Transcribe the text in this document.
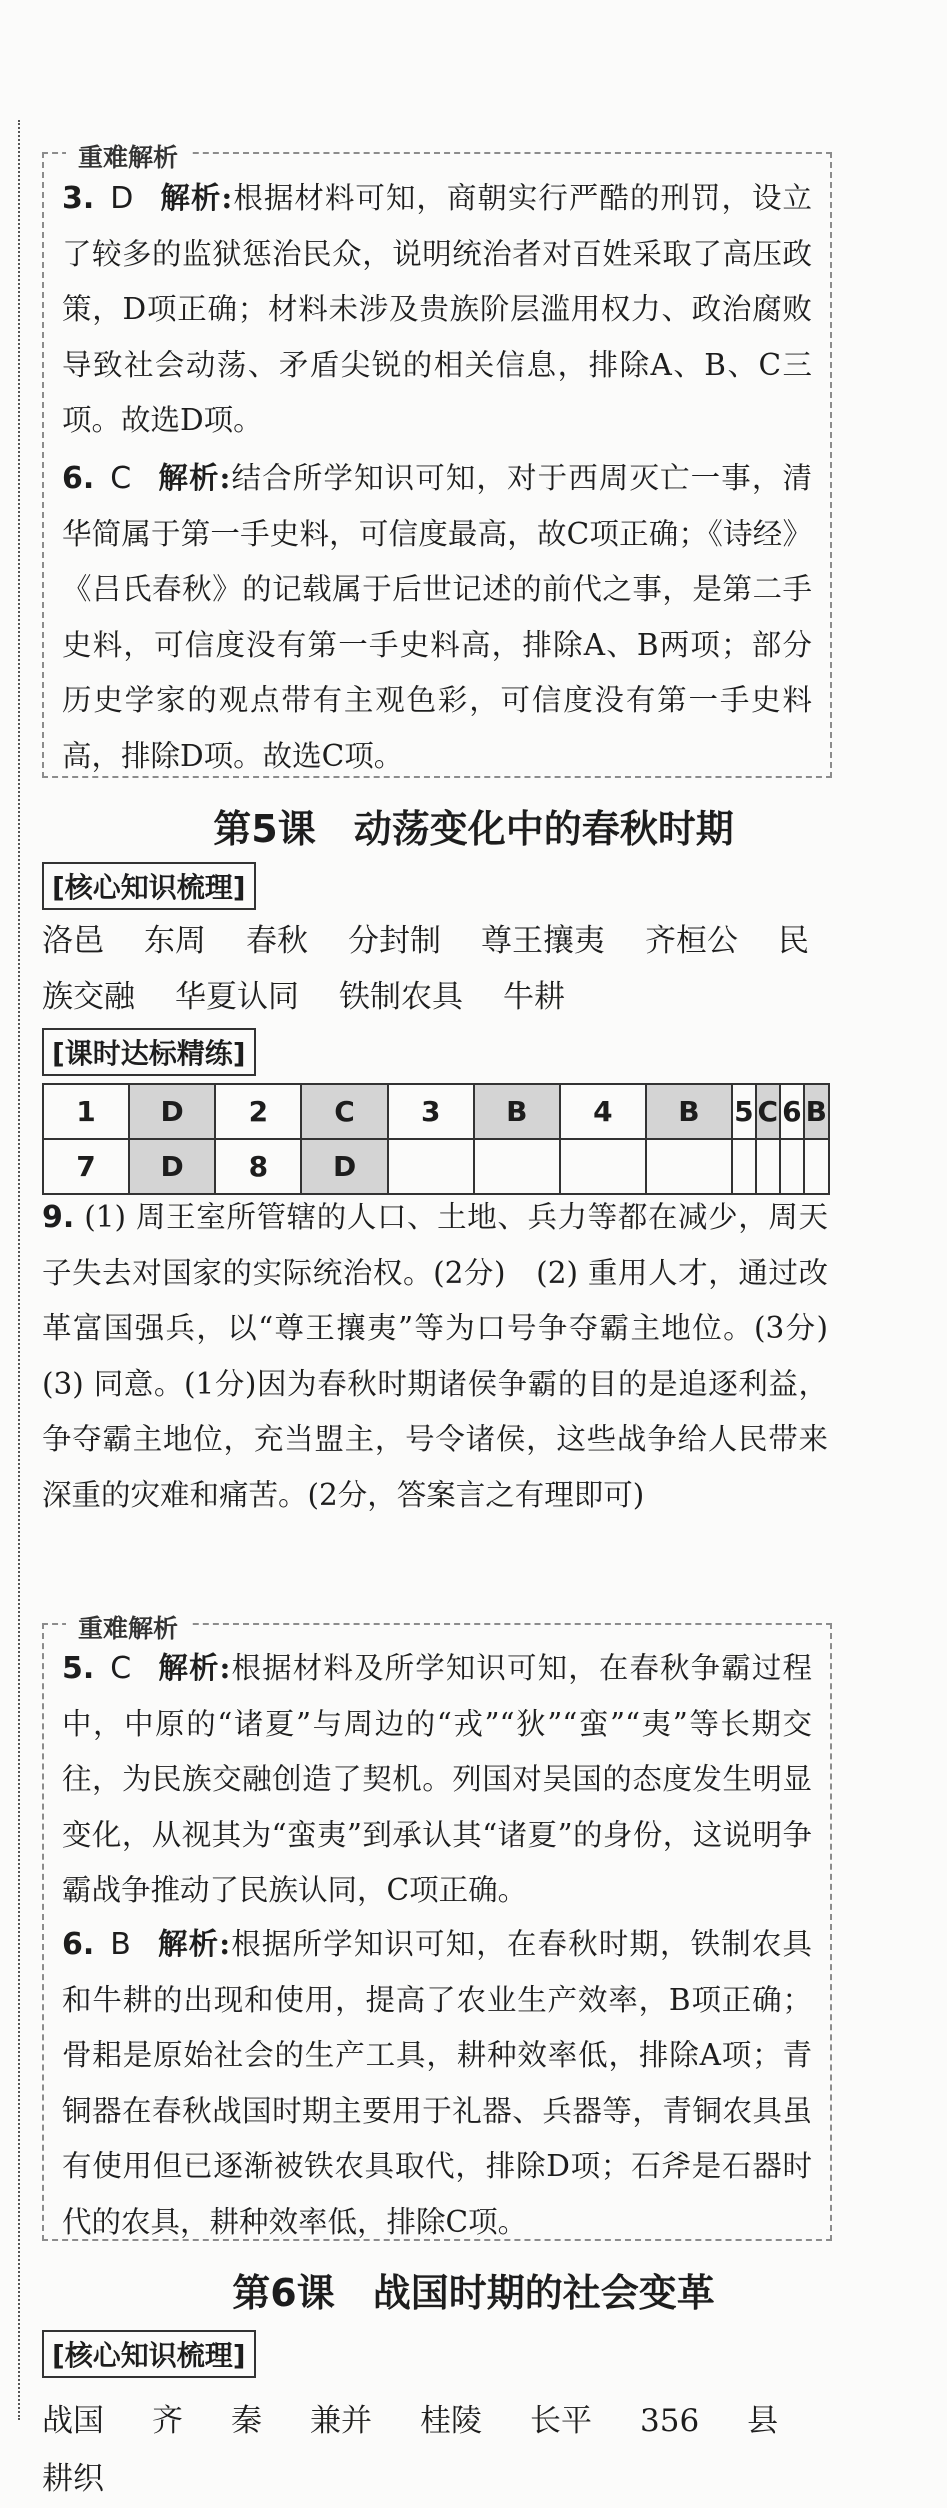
重难解析
3. D 解析:根据材料可知，商朝实行严酷的刑罚，设立了较多的监狱惩治民众，说明统治者对百姓采取了高压政策，D项正确；材料未涉及贵族阶层滥用权力、政治腐败导致社会动荡、矛盾尖锐的相关信息，排除A、B、C三项。故选D项。
6. C 解析:结合所学知识可知，对于西周灭亡一事，清华简属于第一手史料，可信度最高，故C项正确；《诗经》《吕氏春秋》的记载属于后世记述的前代之事，是第二手史料，可信度没有第一手史料高，排除A、B两项；部分历史学家的观点带有主观色彩，可信度没有第一手史料高，排除D项。故选C项。
第5课　动荡变化中的春秋时期
[核心知识梳理]
洛邑 东周 春秋 分封制 尊王攘夷 齐桓公 民
族交融 华夏认同 铁制农具 牛耕
[课时达标精练]
1	D	2	C	3	B	4	B	5	C	6	B
7	D	8	D								
9. (1) 周王室所管辖的人口、土地、兵力等都在减少，周天子失去对国家的实际统治权。(2分)　(2) 重用人才，通过改革富国强兵，以“尊王攘夷”等为口号争夺霸主地位。(3分)　(3) 同意。(1分)因为春秋时期诸侯争霸的目的是追逐利益，争夺霸主地位，充当盟主，号令诸侯，这些战争给人民带来深重的灾难和痛苦。(2分，答案言之有理即可)
重难解析
5. C 解析:根据材料及所学知识可知，在春秋争霸过程中，中原的“诸夏”与周边的“戎”“狄”“蛮”“夷”等长期交往，为民族交融创造了契机。列国对吴国的态度发生明显变化，从视其为“蛮夷”到承认其“诸夏”的身份，这说明争霸战争推动了民族认同，C项正确。
6. B 解析:根据所学知识可知，在春秋时期，铁制农具和牛耕的出现和使用，提高了农业生产效率，B项正确；骨耜是原始社会的生产工具，耕种效率低，排除A项；青铜器在春秋战国时期主要用于礼器、兵器等，青铜农具虽有使用但已逐渐被铁农具取代，排除D项；石斧是石器时代的农具，耕种效率低，排除C项。
第6课　战国时期的社会变革
[核心知识梳理]
战国 齐 秦 兼并 桂陵 长平 356 县耕织
